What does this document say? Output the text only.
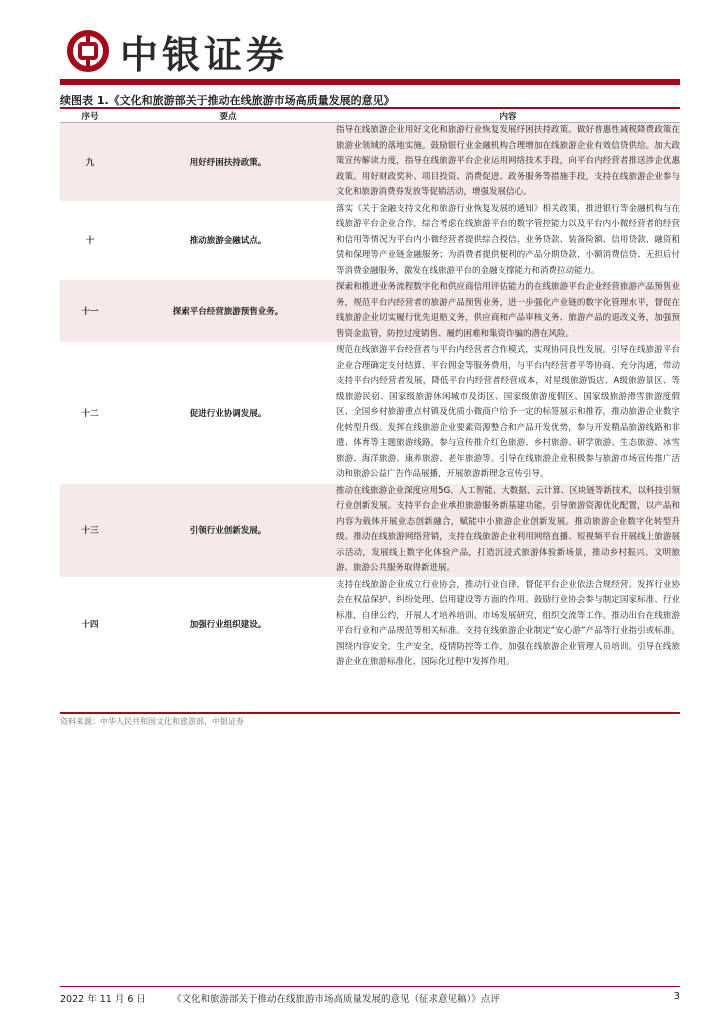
中银证券
续图表 1.《文化和旅游部关于推动在线旅游市场高质量发展的意见》
序号	要点	内容
九	用好纾困扶持政策。	指导在线旅游企业用好文化和旅游行业恢复发展纾困扶持政策。做好普惠性减税降费政策在旅游业领域的落地实施。鼓励银行业金融机构合理增加在线旅游企业有效信贷供给。加大政策宣传解读力度，指导在线旅游平台企业运用网络技术手段，向平台内经营者推送涉企优惠政策。用好财政奖补、项目投资、消费促进、政务服务等措施手段，支持在线旅游企业参与文化和旅游消费券发放等促销活动，增强发展信心。
十	推动旅游金融试点。	落实《关于金融支持文化和旅游行业恢复发展的通知》相关政策，推进银行等金融机构与在线旅游平台企业合作，综合考虑在线旅游平台的数字管控能力以及平台内小微经营者的经营和信用等情况为平台内小微经营者提供综合授信、业务贷款、装备险额、信用贷款、融资租赁和保理等产业链金融服务；为消费者提供便利的产品分期贷款、小额消费信贷、无担后付等消费金融服务，激发在线旅游平台的金融支撑能力和消费拉动能力。
十一	探索平台经营旅游预售业务。	探索和推进业务流程数字化和供应商信用评估能力的在线旅游平台企业经营旅游产品预售业务，规范平台内经营者的旅游产品预售业务，进一步强化产业链的数字化管理水平，督促在线旅游企业切实履行优先退赔义务，供应商和产品审核义务、旅游产品的退改义务，加强预售资金监管，防控过度销售、履约困难和集资诈骗的潜在风险。
十二	促进行业协调发展。	规范在线旅游平台经营者与平台内经营者合作模式，实现协同良性发展。引导在线旅游平台企业合理确定支付结算、平台佣金等服务费用，与平台内经营者平等协商、充分沟通，带动支持平台内经营者发展，降低平台内经营者经营成本，对星级旅游饭店、A级旅游景区、等级旅游民宿、国家级旅游休闲城市及街区、国家级旅游度假区、国家级旅游滑雪旅游度假区、全国乡村旅游重点村镇及优质小微商户给予一定的标签展示和推荐，推动旅游企业数字化转型升级。发挥在线旅游企业要素资源整合和产品开发优势，参与开发精品旅游线路和非遗、体育等主题旅游线路，参与宣传推介红色旅游、乡村旅游、研学旅游、生态旅游、冰雪旅游、海洋旅游、康养旅游、老年旅游等。引导在线旅游企业积极参与旅游市场宣传推广活动和旅游公益广告作品展播，开展旅游新理念宣传引导。
十三	引领行业创新发展。	推动在线旅游企业深度应用5G、人工智能、大数据、云计算、区块链等新技术，以科技引领行业创新发展。支持平台企业承担旅游服务新基建功能，引导旅游资源优化配置，以产品和内容为载体开展业态创新融合，赋能中小旅游企业创新发展。推动旅游企业数字化转型升级。推动在线旅游网络营销，支持在线旅游企业利用网络直播、短视频平台开展线上旅游展示活动，发展线上数字化体验产品，打造沉浸式旅游体验新场景，推动乡村振兴、文明旅游、旅游公共服务取得新进展。
十四	加强行业组织建设。	支持在线旅游企业成立行业协会，推动行业自律，督促平台企业依法合规经营。发挥行业协会在权益保护、纠纷处理、信用建设等方面的作用。鼓励行业协会参与制定国家标准、行业标准，自律公约，开展人才培养培训、市场发展研究，组织交流等工作。推动出台在线旅游平台行业和产品规范等相关标准。支持在线旅游企业制定“安心游”产品等行业指引或标准。围绕内容安全，生产安全，疫情防控等工作，加强在线旅游企业管理人员培训。引导在线旅游企业在旅游标准化、国际化过程中发挥作用。
资料来源：中华人民共和国文化和旅游部，中银证券
2022 年 11 月 6 日	《文化和旅游部关于推动在线旅游市场高质量发展的意见（征求意见稿）》点评	3
